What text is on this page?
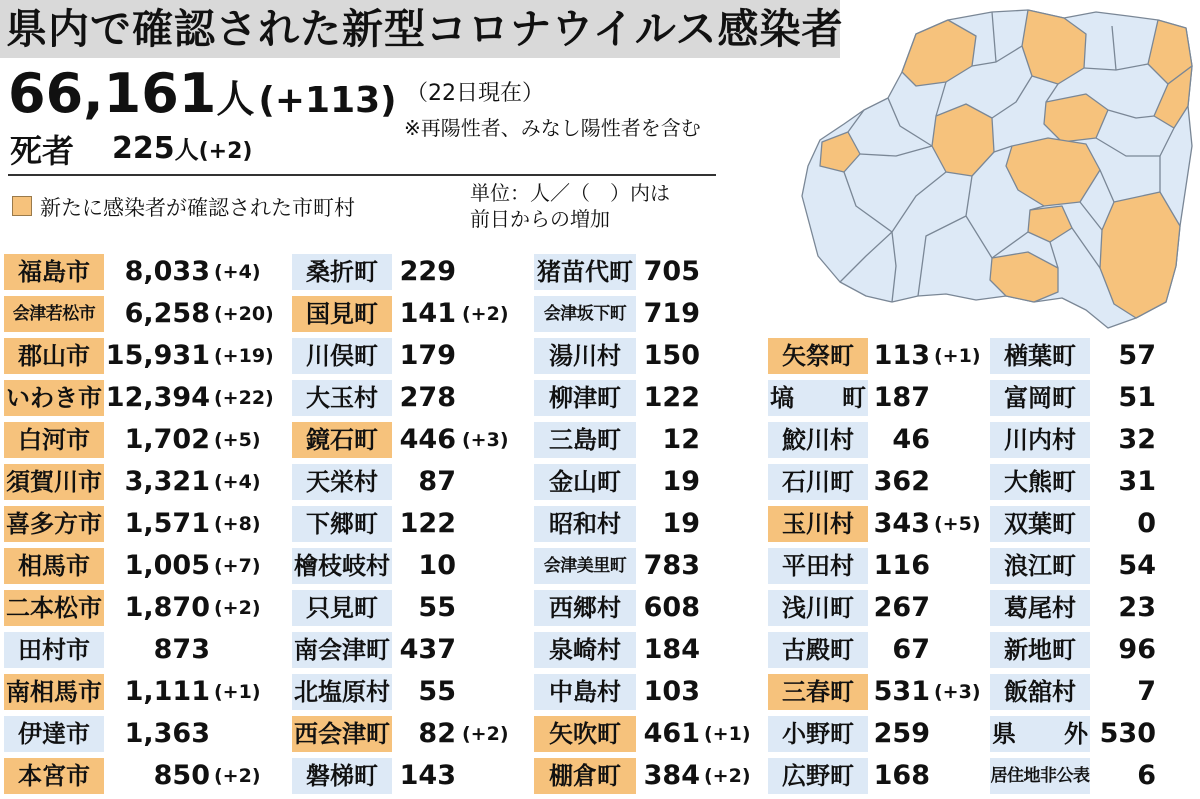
県内で確認された新型コロナウイルス感染者
66,161人 (+113) （22日現在）
※再陽性者、みなし陽性者を含む
死者 225人(+2)
新たに感染者が確認された市町村
単位：人／（　）内は
前日からの増加
福島市	8,033 (+4)
会津若松市	6,258 (+20)
郡山市 15,931 (+19)
いわき市 12,394 (+22)
白河市	1,702 (+5)
須賀川市 3,321 (+4)
喜多方市 1,571 (+8)
相馬市	1,005 (+7)
二本松市 1,870 (+2)
田村市	873
南相馬市 1,111 (+1)
伊達市	1,363
本宮市	850 (+2)
桑折町 229
国見町 141 (+2)
川俣町 179
大玉村 278
鏡石町 446 (+3)
天栄村	87
下郷町 122
檜枝岐村	10
只見町	55
南会津町 437
北塩原村	55
西会津町	82 (+2)
磐梯町 143
猪苗代町 705
会津坂下町 719
湯川村 150
柳津町 122
三島町	12
金山町	19
昭和村	19
会津美里町 783
西郷村 608
泉崎村 184
中島村 103
矢吹町 461 (+1)
棚倉町 384 (+2)
矢祭町 113 (+1)
塙　　町 187
鮫川村	46
石川町 362
玉川村 343 (+5)
平田村 116
浅川町 267
古殿町	67
三春町 531 (+3)
小野町 259
広野町 168
楢葉町	57
富岡町	51
川内村	32
大熊町	31
双葉町	0
浪江町	54
葛尾村	23
新地町	96
飯舘村	7
県　　外 530
居住地非公表	6
